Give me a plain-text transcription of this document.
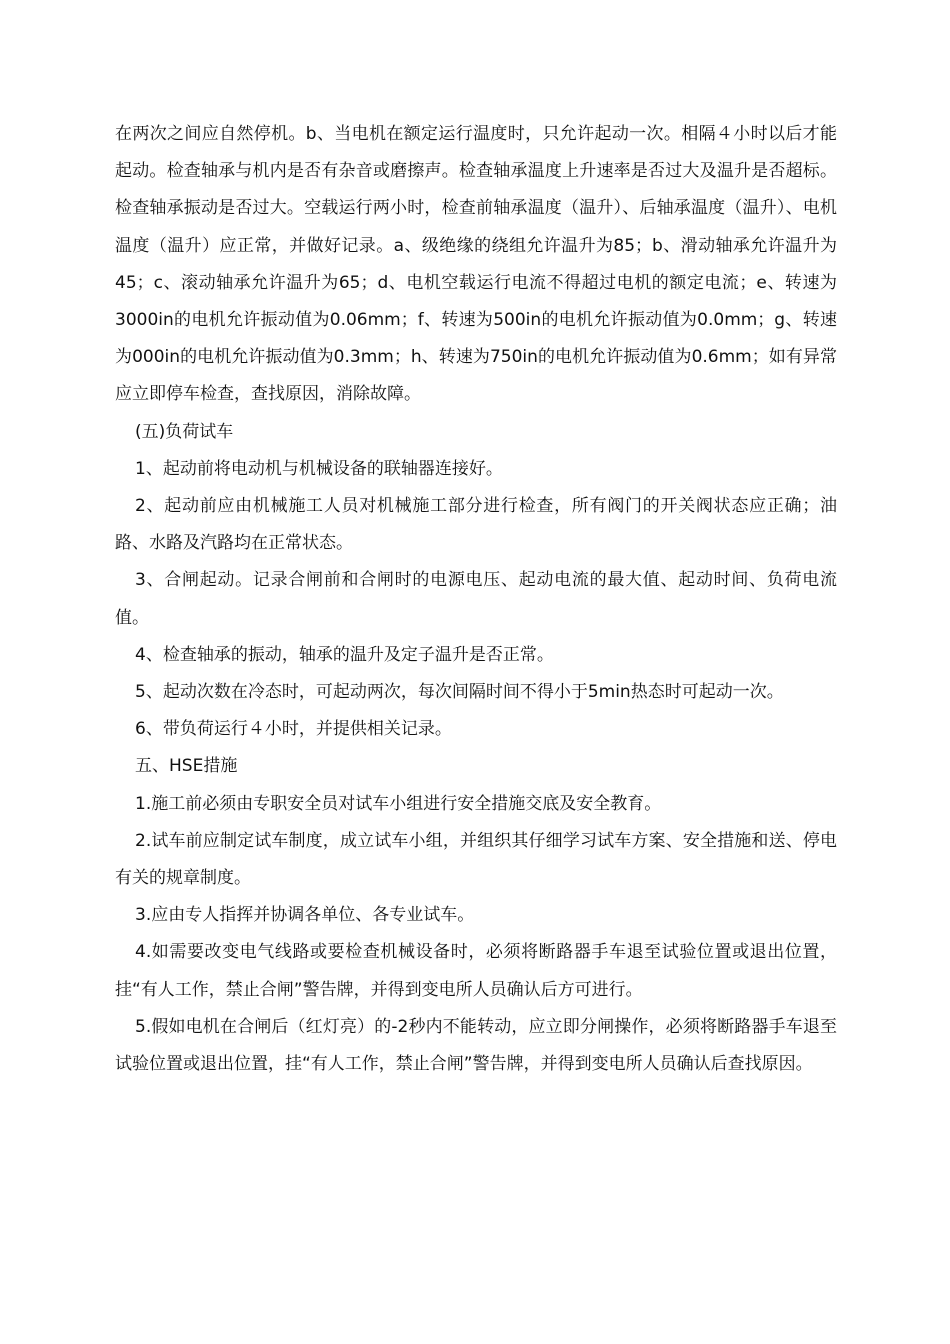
在两次之间应自然停机。b、当电机在额定运行温度时，只允许起动一次。相隔４小时以后才能起动。检查轴承与机内是否有杂音或磨擦声。检查轴承温度上升速率是否过大及温升是否超标。检查轴承振动是否过大。空载运行两小时，检查前轴承温度（温升）、后轴承温度（温升）、电机温度（温升）应正常，并做好记录。a、级绝缘的绕组允许温升为85；b、滑动轴承允许温升为45；c、滚动轴承允许温升为65；d、电机空载运行电流不得超过电机的额定电流；e、转速为3000in的电机允许振动值为0.06mm；f、转速为500in的电机允许振动值为0.0mm；g、转速为000in的电机允许振动值为0.3mm；h、转速为750in的电机允许振动值为0.6mm；如有异常应立即停车检查，查找原因，消除故障。

(五)负荷试车

1、起动前将电动机与机械设备的联轴器连接好。

2、起动前应由机械施工人员对机械施工部分进行检查，所有阀门的开关阀状态应正确；油路、水路及汽路均在正常状态。

3、合闸起动。记录合闸前和合闸时的电源电压、起动电流的最大值、起动时间、负荷电流值。

4、检查轴承的振动，轴承的温升及定子温升是否正常。

5、起动次数在冷态时，可起动两次，每次间隔时间不得小于5min热态时可起动一次。

6、带负荷运行４小时，并提供相关记录。

五、HSE措施

1.施工前必须由专职安全员对试车小组进行安全措施交底及安全教育。

2.试车前应制定试车制度，成立试车小组，并组织其仔细学习试车方案、安全措施和送、停电有关的规章制度。

3.应由专人指挥并协调各单位、各专业试车。

4.如需要改变电气线路或要检查机械设备时，必须将断路器手车退至试验位置或退出位置，挂“有人工作，禁止合闸”警告牌，并得到变电所人员确认后方可进行。

5.假如电机在合闸后（红灯亮）的-2秒内不能转动，应立即分闸操作，必须将断路器手车退至试验位置或退出位置，挂“有人工作，禁止合闸”警告牌，并得到变电所人员确认后查找原因。
